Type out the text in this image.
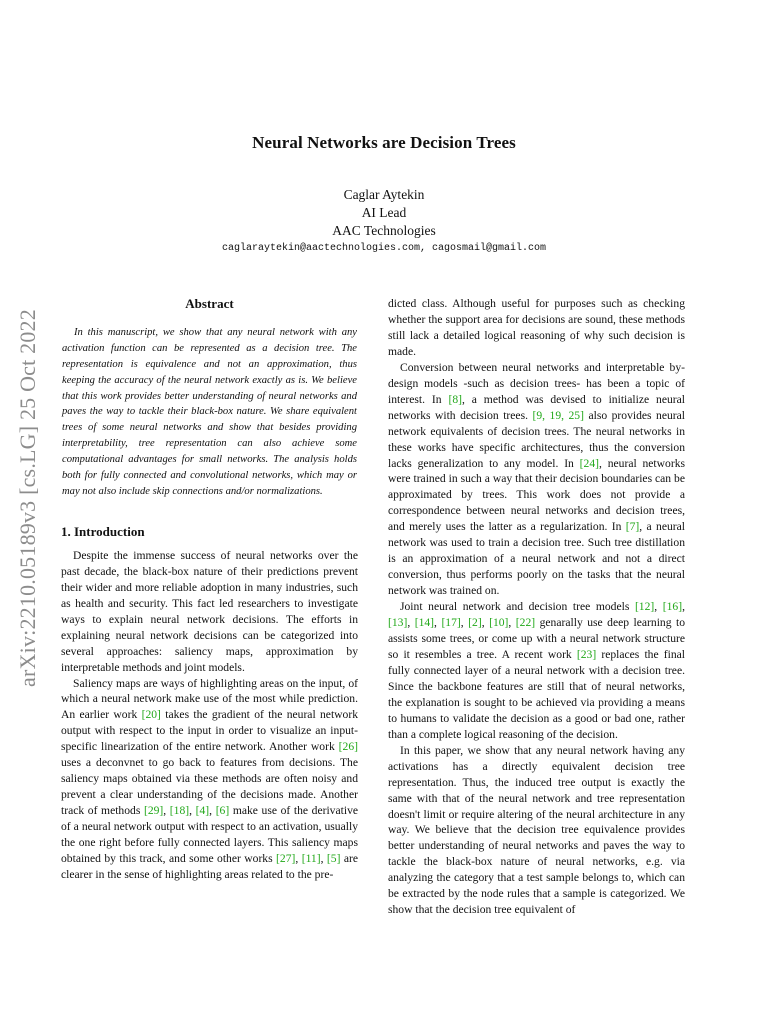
arXiv:2210.05189v3 [cs.LG] 25 Oct 2022
Neural Networks are Decision Trees
Caglar Aytekin
AI Lead
AAC Technologies
caglaraytekin@aactechnologies.com, cagosmail@gmail.com
Abstract

In this manuscript, we show that any neural network with any activation function can be represented as a decision tree. The representation is equivalence and not an approximation, thus keeping the accuracy of the neural network exactly as is. We believe that this work provides better understanding of neural networks and paves the way to tackle their black-box nature. We share equivalent trees of some neural networks and show that besides providing interpretability, tree representation can also achieve some computational advantages for small networks. The analysis holds both for fully connected and convolutional networks, which may or may not also include skip connections and/or normalizations.

1. Introduction

Despite the immense success of neural networks over the past decade, the black-box nature of their predictions prevent their wider and more reliable adoption in many industries, such as health and security. This fact led researchers to investigate ways to explain neural network decisions. The efforts in explaining neural network decisions can be categorized into several approaches: saliency maps, approximation by interpretable methods and joint models.

Saliency maps are ways of highlighting areas on the input, of which a neural network make use of the most while prediction. An earlier work [20] takes the gradient of the neural network output with respect to the input in order to visualize an input-specific linearization of the entire network. Another work [26] uses a deconvnet to go back to features from decisions. The saliency maps obtained via these methods are often noisy and prevent a clear understanding of the decisions made. Another track of methods [29], [18], [4], [6] make use of the derivative of a neural network output with respect to an activation, usually the one right before fully connected layers. This saliency maps obtained by this track, and some other works [27], [11], [5] are clearer in the sense of highlighting areas related to the pre-

dicted class. Although useful for purposes such as checking whether the support area for decisions are sound, these methods still lack a detailed logical reasoning of why such decision is made.

Conversion between neural networks and interpretable by-design models -such as decision trees- has been a topic of interest. In [8], a method was devised to initialize neural networks with decision trees. [9, 19, 25] also provides neural network equivalents of decision trees. The neural networks in these works have specific architectures, thus the conversion lacks generalization to any model. In [24], neural networks were trained in such a way that their decision boundaries can be approximated by trees. This work does not provide a correspondence between neural networks and decision trees, and merely uses the latter as a regularization. In [7], a neural network was used to train a decision tree. Such tree distillation is an approximation of a neural network and not a direct conversion, thus performs poorly on the tasks that the neural network was trained on.

Joint neural network and decision tree models [12], [16], [13], [14], [17], [2], [10], [22] genarally use deep learning to assists some trees, or come up with a neural network structure so it resembles a tree. A recent work [23] replaces the final fully connected layer of a neural network with a decision tree. Since the backbone features are still that of neural networks, the explanation is sought to be achieved via providing a means to humans to validate the decision as a good or bad one, rather than a complete logical reasoning of the decision.

In this paper, we show that any neural network having any activations has a directly equivalent decision tree representation. Thus, the induced tree output is exactly the same with that of the neural network and tree representation doesn't limit or require altering of the neural architecture in any way. We believe that the decision tree equivalence provides better understanding of neural networks and paves the way to tackle the black-box nature of neural networks, e.g. via analyzing the category that a test sample belongs to, which can be extracted by the node rules that a sample is categorized. We show that the decision tree equivalent of
